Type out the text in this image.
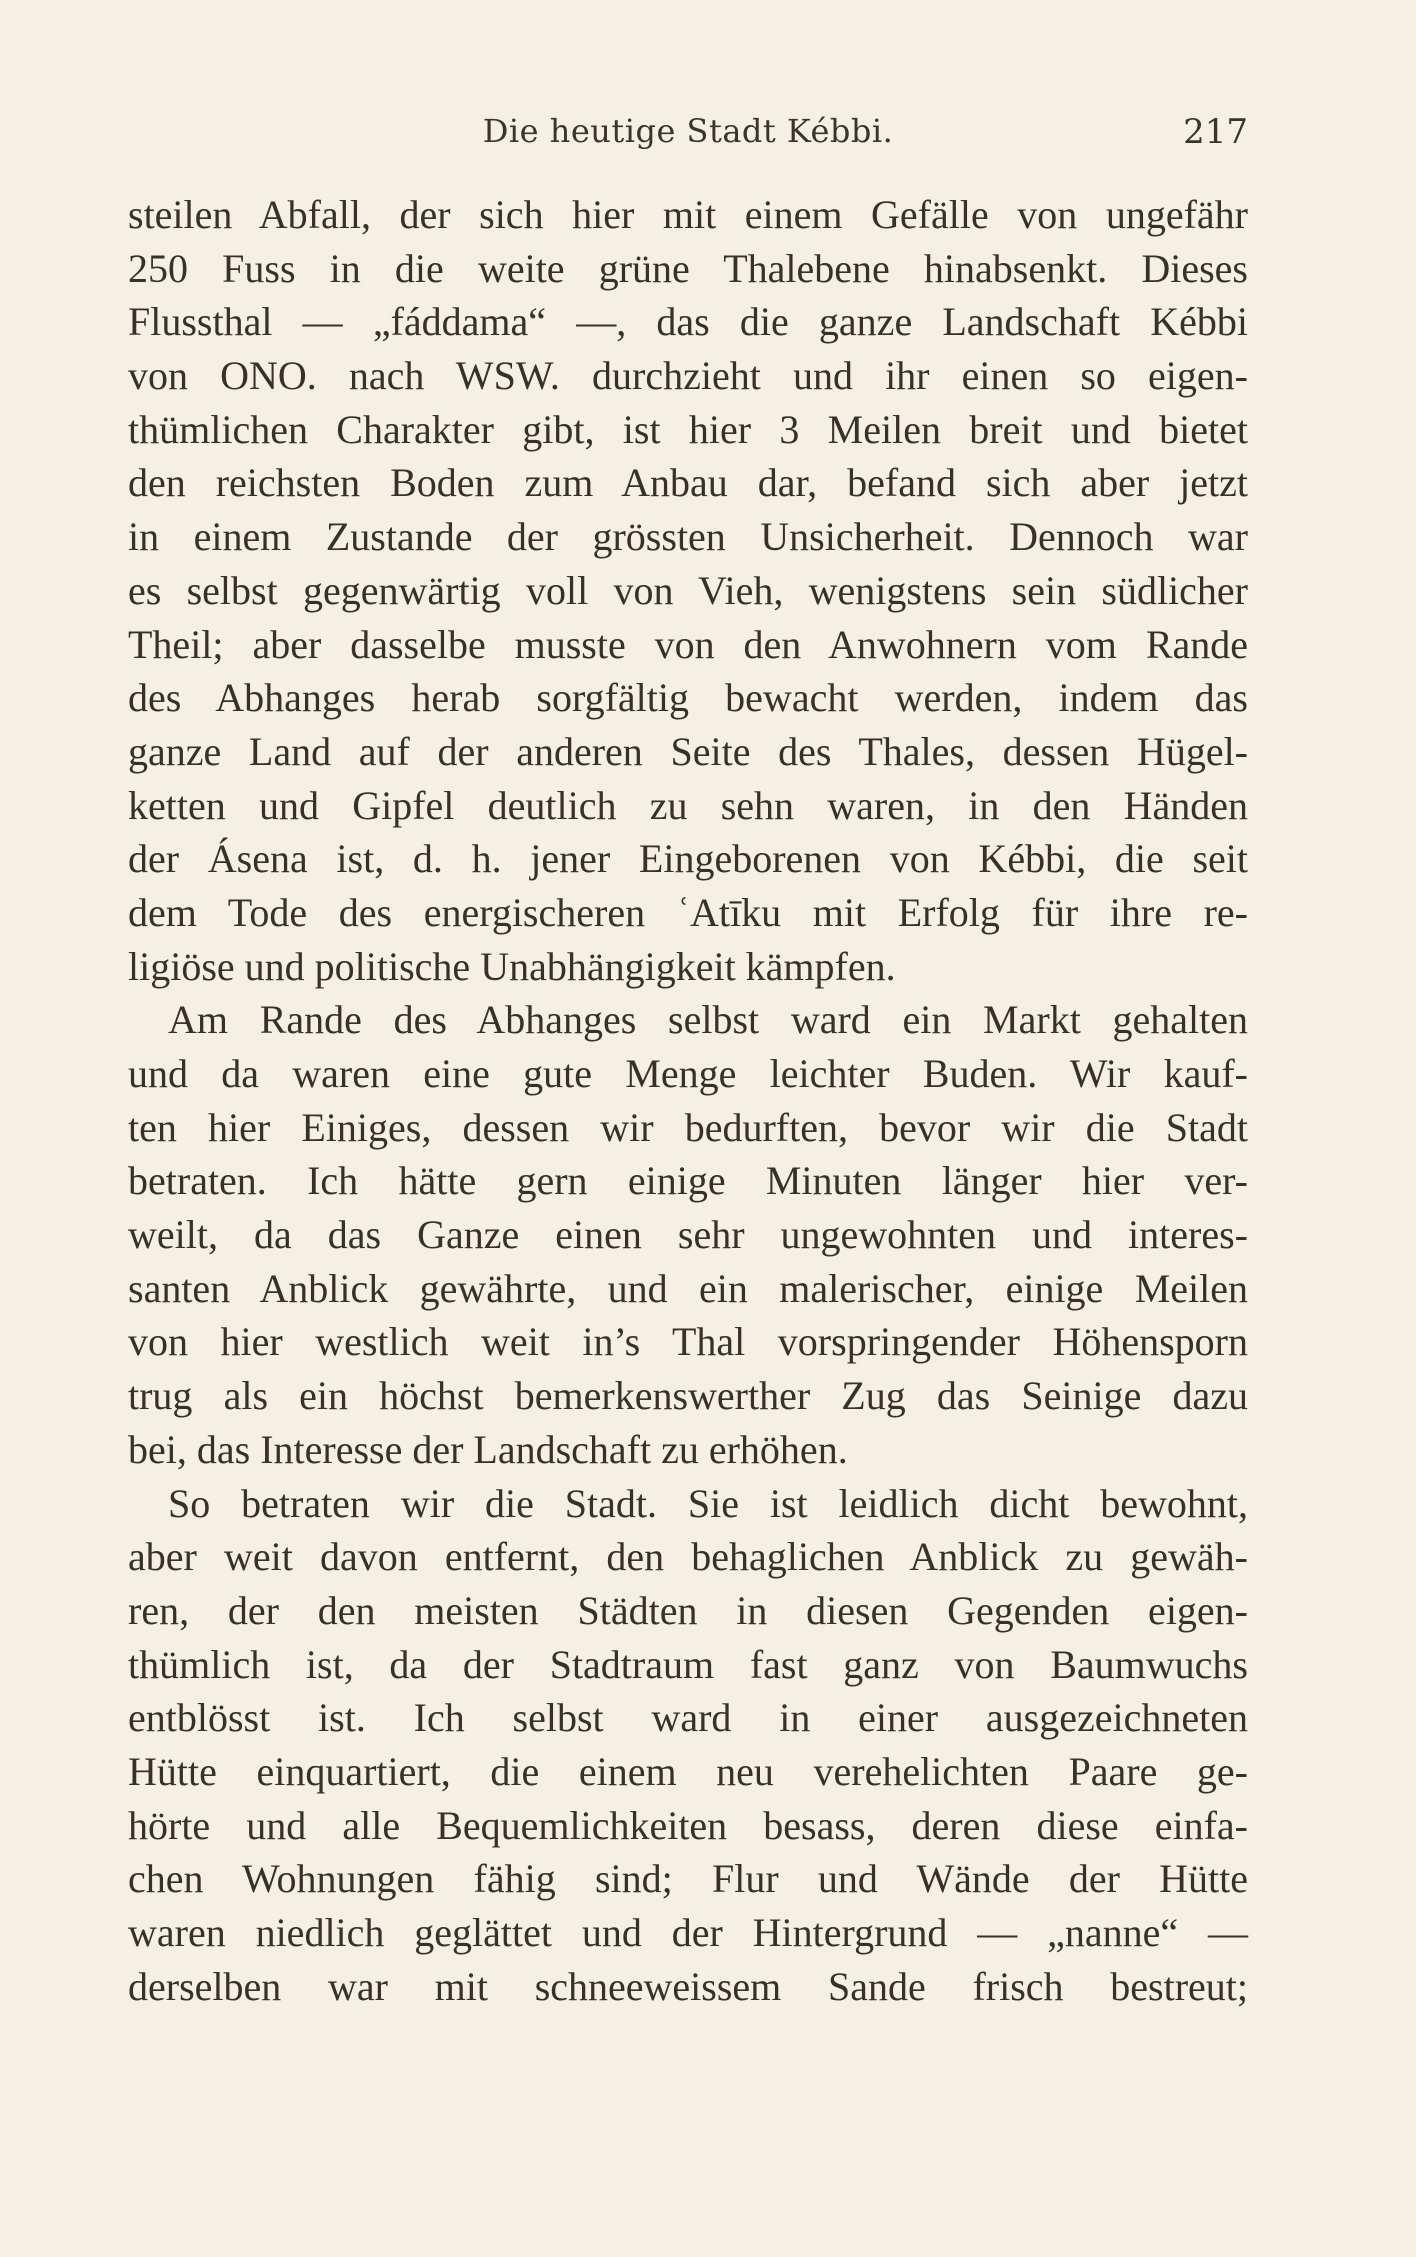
Die heutige Stadt Kébbi.	217
steilen Abfall, der sich hier mit einem Gefälle von ungefähr
250 Fuss in die weite grüne Thalebene hinabsenkt. Dieses
Flussthal — „fáddama“ —, das die ganze Landschaft Kébbi
von ONO. nach WSW. durchzieht und ihr einen so eigen-
thümlichen Charakter gibt, ist hier 3 Meilen breit und bietet
den reichsten Boden zum Anbau dar, befand sich aber jetzt
in einem Zustande der grössten Unsicherheit. Dennoch war
es selbst gegenwärtig voll von Vieh, wenigstens sein südlicher
Theil; aber dasselbe musste von den Anwohnern vom Rande
des Abhanges herab sorgfältig bewacht werden, indem das
ganze Land auf der anderen Seite des Thales, dessen Hügel-
ketten und Gipfel deutlich zu sehn waren, in den Händen
der Ásena ist, d. h. jener Eingeborenen von Kébbi, die seit
dem Tode des energischeren ʿAtīku mit Erfolg für ihre re-
ligiöse und politische Unabhängigkeit kämpfen.
Am Rande des Abhanges selbst ward ein Markt gehalten
und da waren eine gute Menge leichter Buden. Wir kauf-
ten hier Einiges, dessen wir bedurften, bevor wir die Stadt
betraten. Ich hätte gern einige Minuten länger hier ver-
weilt, da das Ganze einen sehr ungewohnten und interes-
santen Anblick gewährte, und ein malerischer, einige Meilen
von hier westlich weit in’s Thal vorspringender Höhensporn
trug als ein höchst bemerkenswerther Zug das Seinige dazu
bei, das Interesse der Landschaft zu erhöhen.
So betraten wir die Stadt. Sie ist leidlich dicht bewohnt,
aber weit davon entfernt, den behaglichen Anblick zu gewäh-
ren, der den meisten Städten in diesen Gegenden eigen-
thümlich ist, da der Stadtraum fast ganz von Baumwuchs
entblösst ist. Ich selbst ward in einer ausgezeichneten
Hütte einquartiert, die einem neu verehelichten Paare ge-
hörte und alle Bequemlichkeiten besass, deren diese einfa-
chen Wohnungen fähig sind; Flur und Wände der Hütte
waren niedlich geglättet und der Hintergrund — „nanne“ —
derselben war mit schneeweissem Sande frisch bestreut;
